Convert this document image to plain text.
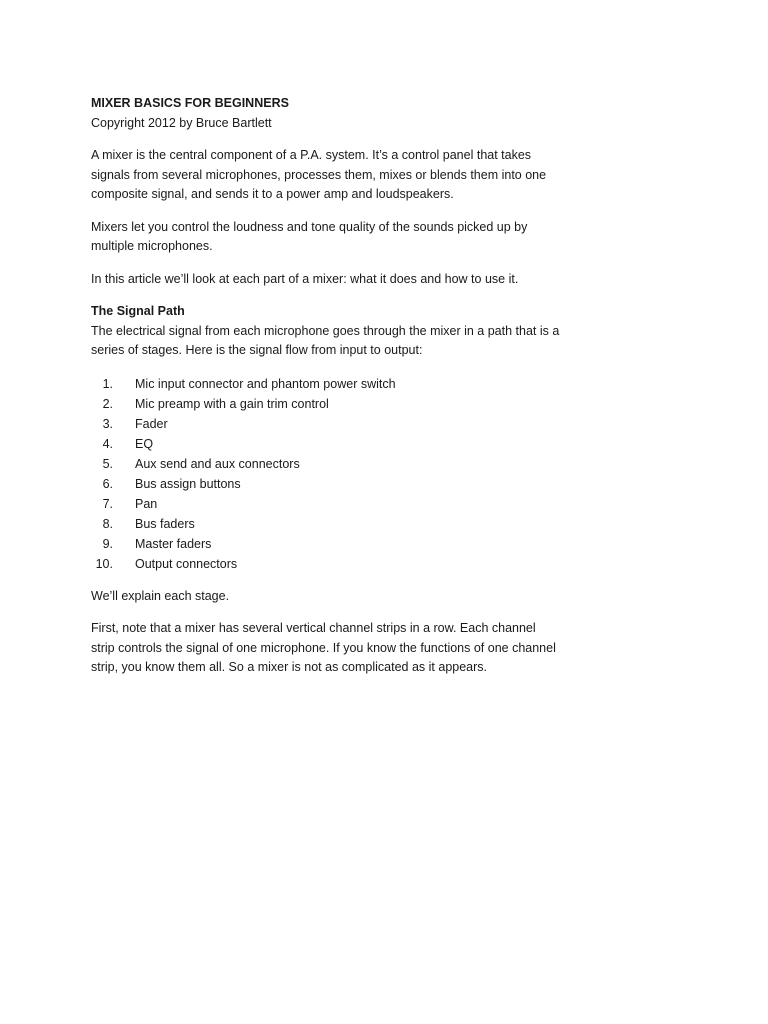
MIXER BASICS FOR BEGINNERS
Copyright 2012 by Bruce Bartlett

A mixer is the central component of a P.A. system. It’s a control panel that takes signals from several microphones, processes them, mixes or blends them into one composite signal, and sends it to a power amp and loudspeakers.

Mixers let you control the loudness and tone quality of the sounds picked up by multiple microphones.

In this article we’ll look at each part of a mixer: what it does and how to use it.

The Signal Path
The electrical signal from each microphone goes through the mixer in a path that is a series of stages. Here is the signal flow from input to output:
1. Mic input connector and phantom power switch
2. Mic preamp with a gain trim control
3. Fader
4. EQ
5. Aux send and aux connectors
6. Bus assign buttons
7. Pan
8. Bus faders
9. Master faders
10. Output connectors

We’ll explain each stage.

First, note that a mixer has several vertical channel strips in a row. Each channel strip controls the signal of one microphone. If you know the functions of one channel strip, you know them all. So a mixer is not as complicated as it appears.
